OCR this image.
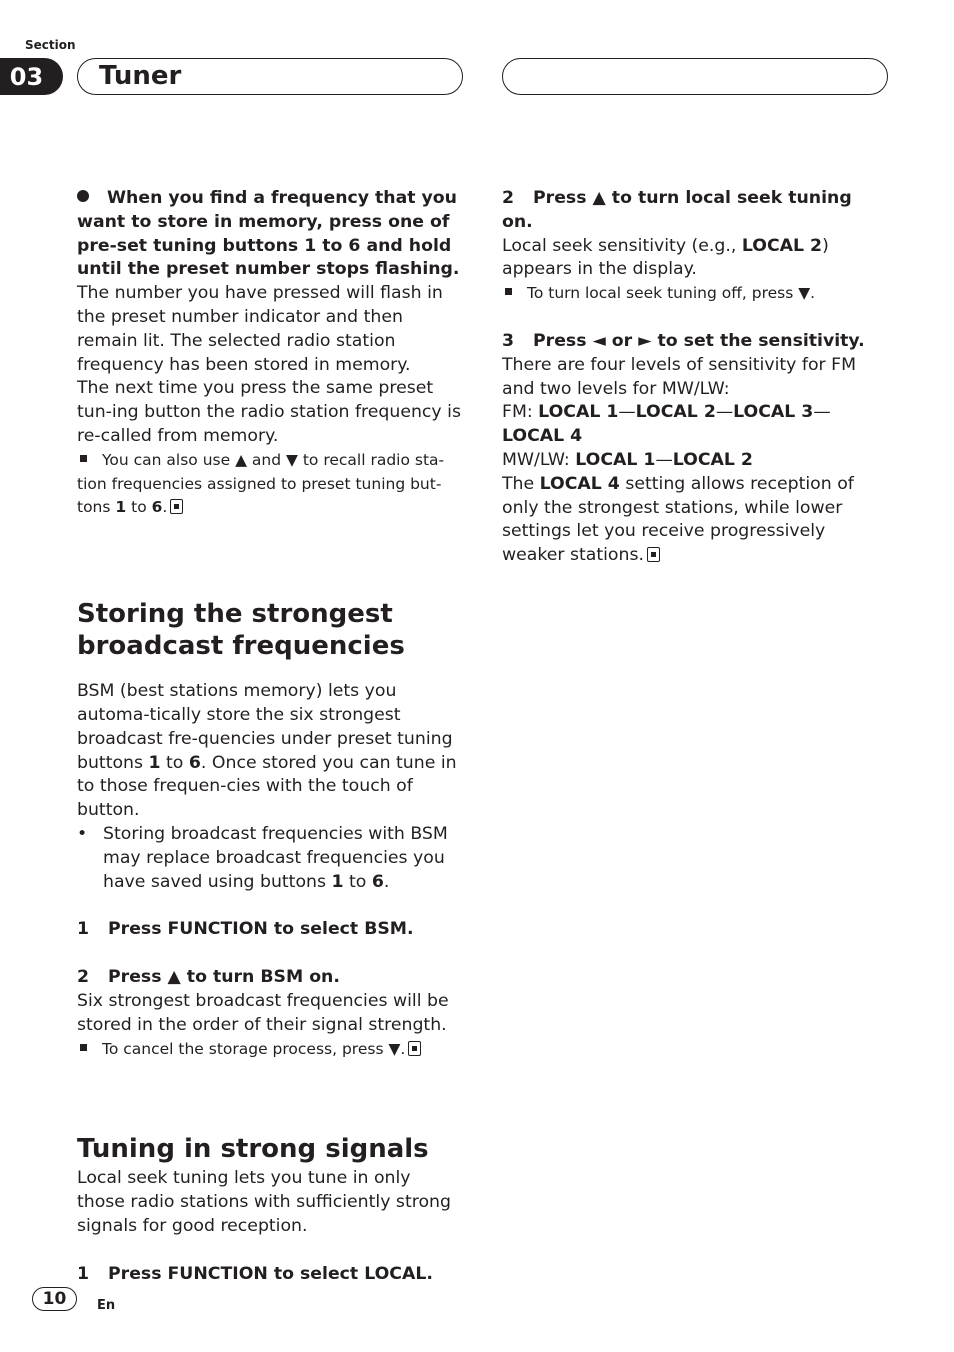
Section
03	Tuner

When you find a frequency that you want to store in memory, press one of pre-set tuning buttons 1 to 6 and hold until the preset number stops flashing.

The number you have pressed will flash in the preset number indicator and then remain lit. The selected radio station frequency has been stored in memory.

The next time you press the same preset tun-ing button the radio station frequency is re-called from memory.

You can also use ▲ and ▼ to recall radio sta-tion frequencies assigned to preset tuning but-tons 1 to 6.

Storing the strongest broadcast frequencies

BSM (best stations memory) lets you automa-tically store the six strongest broadcast fre-quencies under preset tuning buttons 1 to 6. Once stored you can tune in to those frequen-cies with the touch of button.

• Storing broadcast frequencies with BSM may replace broadcast frequencies you have saved using buttons 1 to 6.

1 Press FUNCTION to select BSM.

2 Press ▲ to turn BSM on.

Six strongest broadcast frequencies will be stored in the order of their signal strength.

To cancel the storage process, press ▼.

Tuning in strong signals

Local seek tuning lets you tune in only those radio stations with sufficiently strong signals for good reception.

1 Press FUNCTION to select LOCAL.

2 Press ▲ to turn local seek tuning on.

Local seek sensitivity (e.g., LOCAL 2) appears in the display.

To turn local seek tuning off, press ▼.

3 Press ◄ or ► to set the sensitivity.

There are four levels of sensitivity for FM and two levels for MW/LW:

FM: LOCAL 1—LOCAL 2—LOCAL 3—
LOCAL 4

MW/LW: LOCAL 1—LOCAL 2

The LOCAL 4 setting allows reception of only the strongest stations, while lower settings let you receive progressively weaker stations.

10	En
